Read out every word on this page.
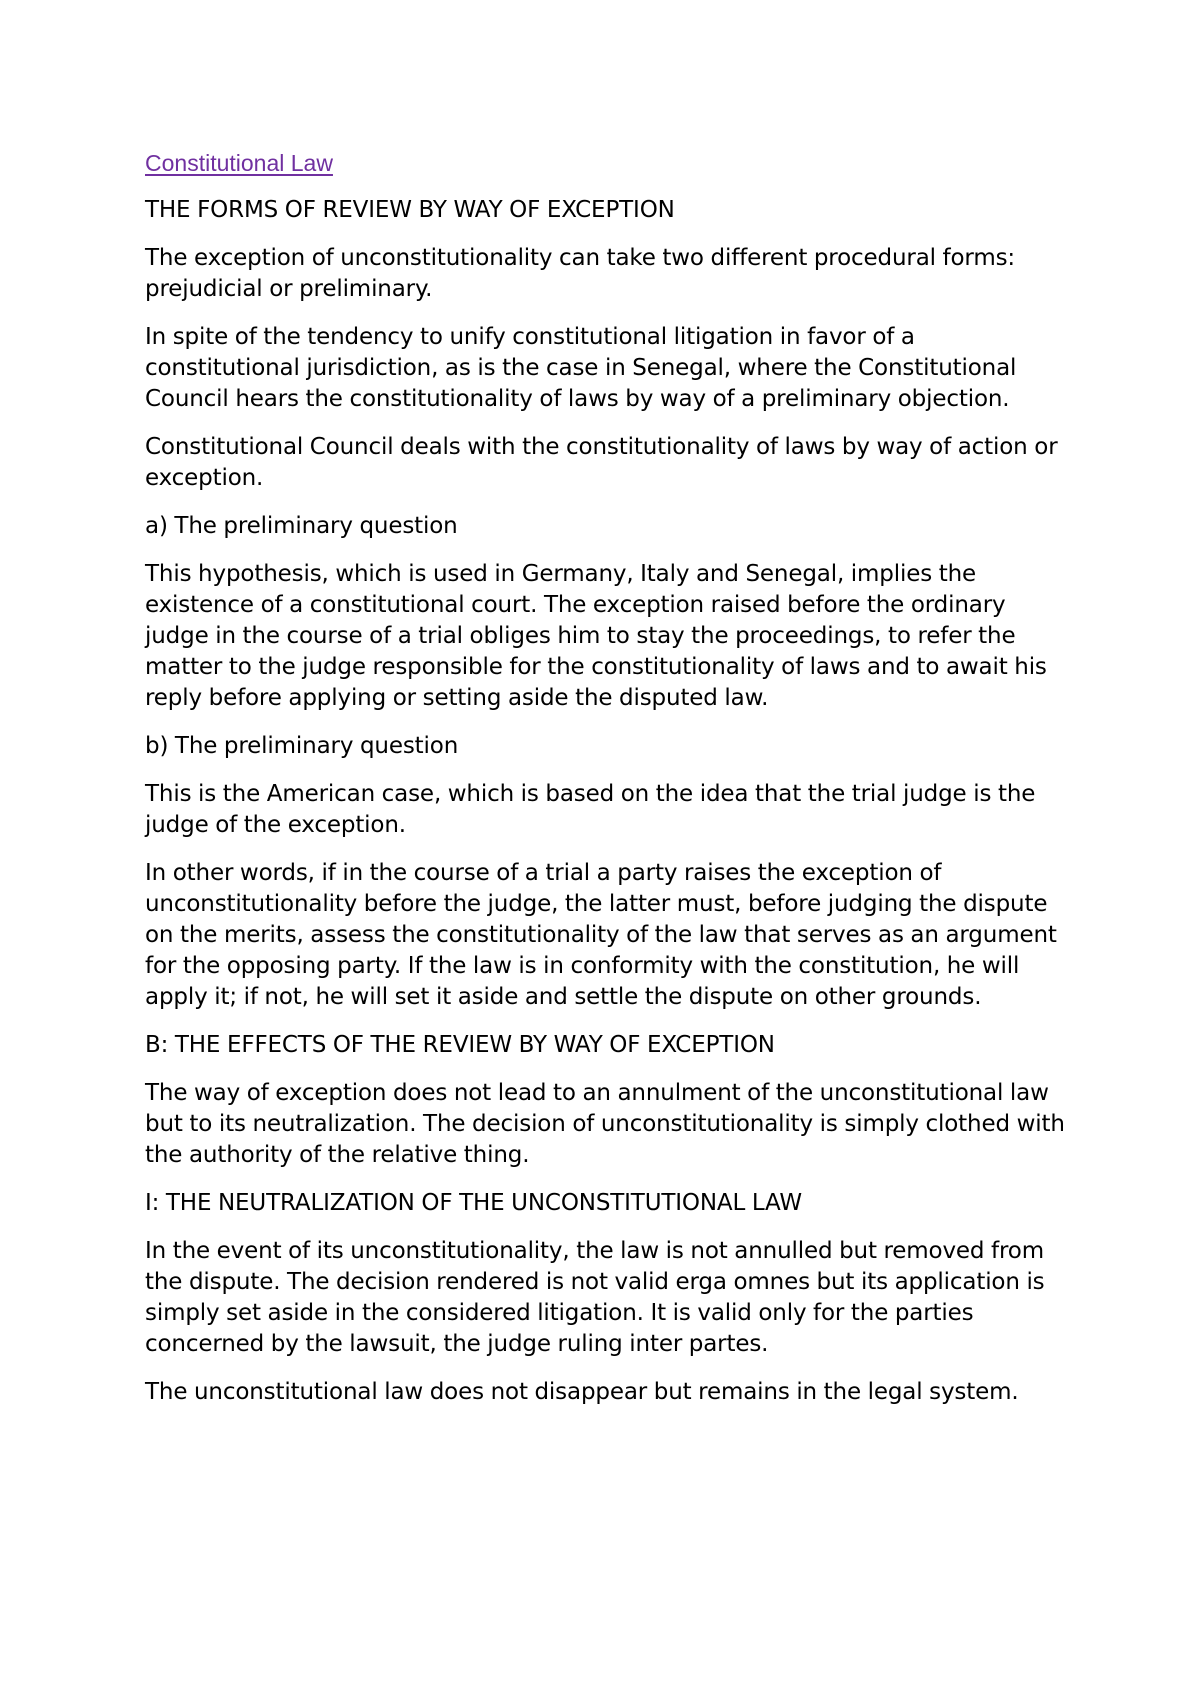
Constitutional Law

THE FORMS OF REVIEW BY WAY OF EXCEPTION

The exception of unconstitutionality can take two different procedural forms: prejudicial or preliminary.

In spite of the tendency to unify constitutional litigation in favor of a constitutional jurisdiction, as is the case in Senegal, where the Constitutional Council hears the constitutionality of laws by way of a preliminary objection.

Constitutional Council deals with the constitutionality of laws by way of action or exception.

a) The preliminary question

This hypothesis, which is used in Germany, Italy and Senegal, implies the existence of a constitutional court. The exception raised before the ordinary judge in the course of a trial obliges him to stay the proceedings, to refer the matter to the judge responsible for the constitutionality of laws and to await his reply before applying or setting aside the disputed law.

b) The preliminary question

This is the American case, which is based on the idea that the trial judge is the judge of the exception.

In other words, if in the course of a trial a party raises the exception of unconstitutionality before the judge, the latter must, before judging the dispute on the merits, assess the constitutionality of the law that serves as an argument for the opposing party. If the law is in conformity with the constitution, he will apply it; if not, he will set it aside and settle the dispute on other grounds.

B: THE EFFECTS OF THE REVIEW BY WAY OF EXCEPTION

The way of exception does not lead to an annulment of the unconstitutional law but to its neutralization. The decision of unconstitutionality is simply clothed with the authority of the relative thing.

I: THE NEUTRALIZATION OF THE UNCONSTITUTIONAL LAW

In the event of its unconstitutionality, the law is not annulled but removed from the dispute. The decision rendered is not valid erga omnes but its application is simply set aside in the considered litigation. It is valid only for the parties concerned by the lawsuit, the judge ruling inter partes.

The unconstitutional law does not disappear but remains in the legal system.
